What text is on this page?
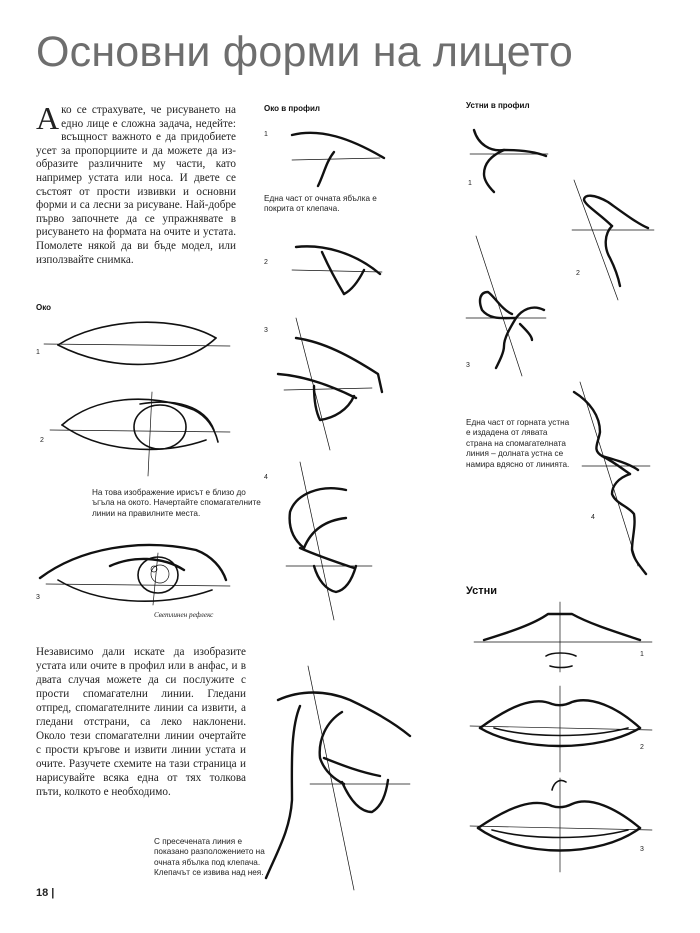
Основни форми на лицето
Ако се страхувате, че рисуването на едно лице е сложна задача, недейте: всъщност важното е да придобиете усет за пропорциите и да можете да изобразите различните му части, като например устата или носа. И двете се състоят от прости извивки и основни форми и са лесни за рисуване. Най-добре първо започнете да се упражнявате в рисуването на формата на очите и устата. Помолете някой да ви бъде модел, или използвайте снимка.
Око
Око в профил	Устни в профил
Устни
1
2
3
1
2
3
4
1
2
3
4
1
2
3
На това изображение ирисът е близо до ъгъла на окото. Начертайте спомагателните линии на правилните места.
Светлинен рефлекс
Една част от очната ябълка е покрита от клепача.
С пресечената линия е показано разположението на очната ябълка под клепача. Клепачът се извива над нея.
Една част от горната устна е издадена от лявата страна на спомагателната линия – долната устна се намира вдясно от линията.
Независимо дали искате да изобразите устата или очите в профил или в анфас, и в двата случая можете да си послужите с прости спомагателни линии. Гледани отпред, спомагателните линии са извити, а гледани отстрани, са леко наклонени. Около тези спомагателни линии очертайте с прости кръгове и извити линии устата и очите. Разучете схемите на тази страница и нарисувайте всяка една от тях толкова пъти, колкото е необходимо.
18 |
